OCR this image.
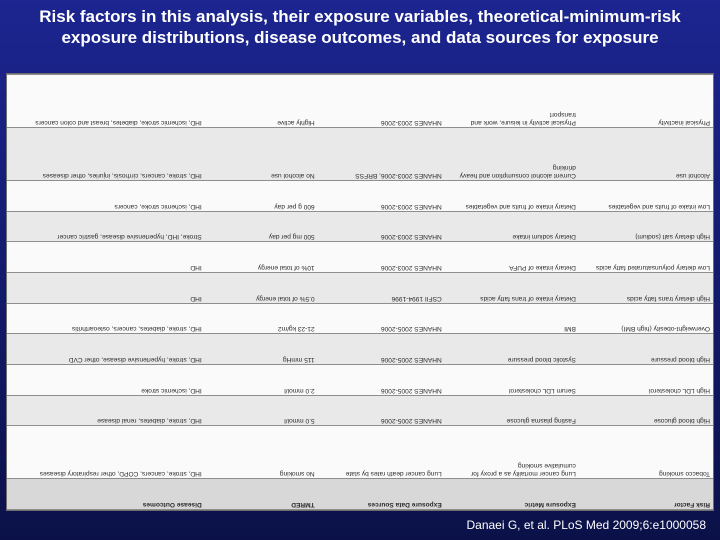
Risk factors in this analysis, their exposure variables, theoretical-minimum-risk
exposure distributions, disease outcomes, and data sources for exposure
Risk Factor	Exposure Metric	Exposure Data Sources	TMRED	Disease Outcomes
Tobacco smoking	Lung cancer mortality as a proxy for cumulative smoking	Lung cancer death rates by state	No smoking	IHD, stroke, cancers, COPD, other respiratory diseases
High blood glucose	Fasting plasma glucose	NHANES 2005-2006	5.0 mmol/l	IHD, stroke, diabetes, renal disease
High LDL cholesterol	Serum LDL cholesterol	NHANES 2005-2006	2.0 mmol/l	IHD, ischemic stroke
High blood pressure	Systolic blood pressure	NHANES 2005-2006	115 mmHg	IHD, stroke, hypertensive disease, other CVD
Overweight-obesity (high BMI)	BMI	NHANES 2005-2006	21-23 kg/m2	IHD, stroke, diabetes, cancers, osteoarthritis
High dietary trans fatty acids	Dietary intake of trans fatty acids	CSFII 1994-1996	0.5% of total energy	IHD
Low dietary polyunsaturated fatty acids	Dietary intake of PUFA	NHANES 2003-2006	10% of total energy	IHD
High dietary salt (sodium)	Dietary sodium intake	NHANES 2003-2006	500 mg per day	Stroke, IHD, hypertensive disease, gastric cancer
Low intake of fruits and vegetables	Dietary intake of fruits and vegetables	NHANES 2003-2006	600 g per day	IHD, ischemic stroke, cancers
Alcohol use	Current alcohol consumption and heavy drinking	NHANES 2003-2006, BRFSS	No alcohol use	IHD, stroke, cancers, cirrhosis, injuries, other diseases
Physical inactivity	Physical activity in leisure, work and transport	NHANES 2003-2006	Highly active	IHD, ischemic stroke, diabetes, breast and colon cancers
Danaei G, et al. PLoS Med 2009;6:e1000058
